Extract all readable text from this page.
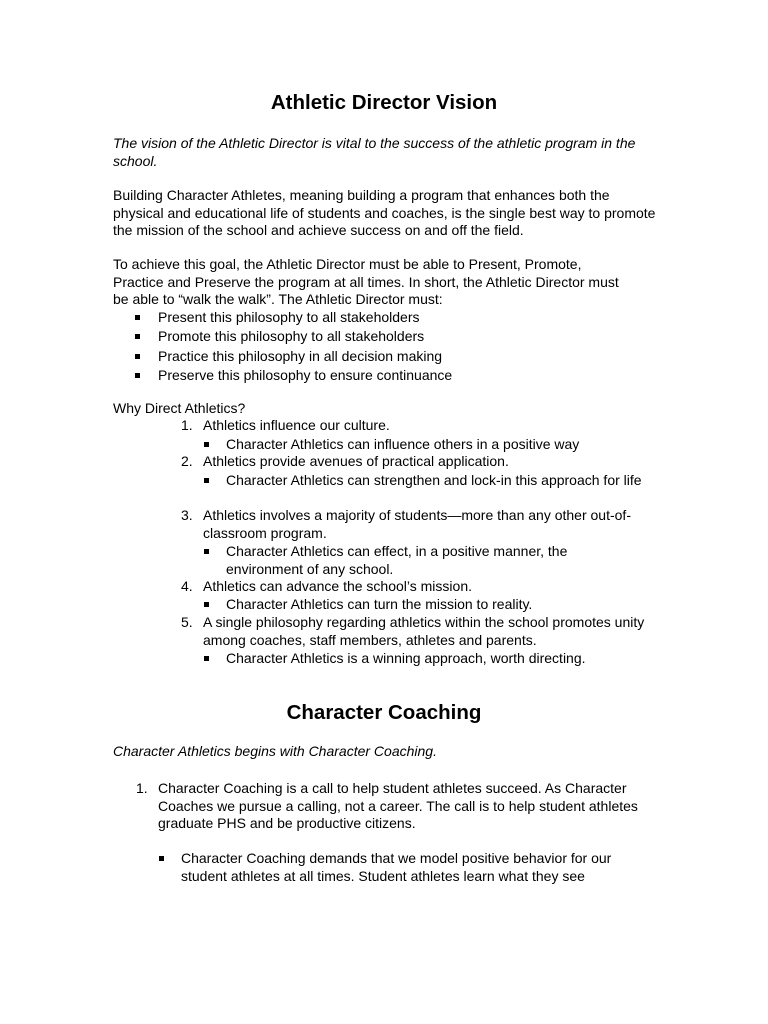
Athletic Director Vision

The vision of the Athletic Director is vital to the success of the athletic program in the school.

Building Character Athletes, meaning building a program that enhances both the physical and educational life of students and coaches, is the single best way to promote the mission of the school and achieve success on and off the field.

To achieve this goal, the Athletic Director must be able to Present, Promote, Practice and Preserve the program at all times. In short, the Athletic Director must be able to “walk the walk”. The Athletic Director must:

Present this philosophy to all stakeholders
Promote this philosophy to all stakeholders
Practice this philosophy in all decision making
Preserve this philosophy to ensure continuance

Why Direct Athletics?

1. Athletics influence our culture.
Character Athletics can influence others in a positive way
2. Athletics provide avenues of practical application.
Character Athletics can strengthen and lock-in this approach for life
3. Athletics involves a majority of students—more than any other out-of-classroom program.
Character Athletics can effect, in a positive manner, the environment of any school.
4. Athletics can advance the school’s mission.
Character Athletics can turn the mission to reality.
5. A single philosophy regarding athletics within the school promotes unity among coaches, staff members, athletes and parents.
Character Athletics is a winning approach, worth directing.
Character Coaching

Character Athletics begins with Character Coaching.

1. Character Coaching is a call to help student athletes succeed. As Character Coaches we pursue a calling, not a career. The call is to help student athletes graduate PHS and be productive citizens.
Character Coaching demands that we model positive behavior for our student athletes at all times. Student athletes learn what they see
